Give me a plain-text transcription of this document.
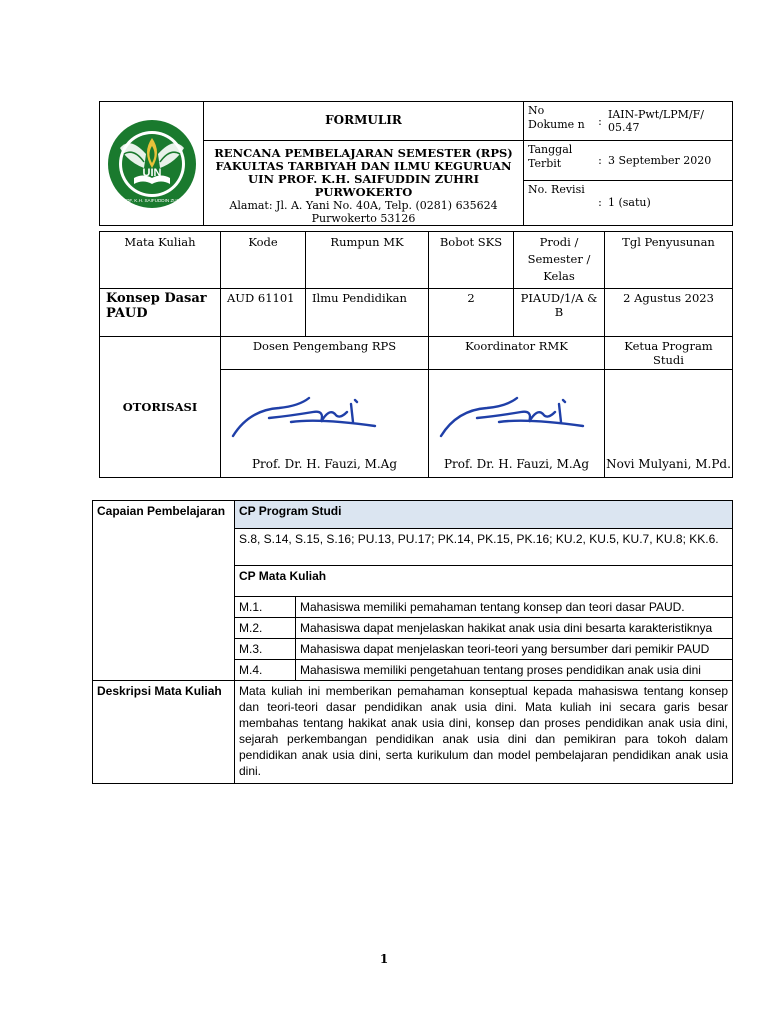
UIN
PROF. K.H. SAIFUDDIN ZUHRI	FORMULIR	No Dokume n	:	IAIN-Pwt/LPM/F/ 05.47

	RENCANA PEMBELAJARAN SEMESTER (RPS)
FAKULTAS TARBIYAH DAN ILMU KEGURUAN
UIN PROF. K.H. SAIFUDDIN ZUHRI PURWOKERTO
Alamat: Jl. A. Yani No. 40A, Telp. (0281) 635624
Purwokerto 53126	Tanggal Terbit	:	3 September 2020
		No. Revisi	:	1 (satu)
Mata Kuliah	Kode	Rumpun MK	Bobot SKS	Prodi / Semester / Kelas	Tgl Penyusunan
Konsep Dasar PAUD	AUD 61101	Ilmu Pendidikan	2	PIAUD/1/A & B	2 Agustus 2023
OTORISASI	Dosen Pengembang RPS		Koordinator RMK		Ketua Program Studi

	Prof. Dr. H. Fauzi, M.Ag		Prof. Dr. H. Fauzi, M.Ag		Novi Mulyani, M.Pd.
Capaian Pembelajaran	CP Program Studi	
	S.8, S.14, S.15, S.16; PU.13, PU.17; PK.14, PK.15, PK.16; KU.2, KU.5, KU.7, KU.8; KK.6.	
	CP Mata Kuliah	
	M.1.	Mahasiswa memiliki pemahaman tentang konsep dan teori dasar PAUD.
	M.2.	Mahasiswa dapat menjelaskan hakikat anak usia dini besarta karakteristiknya
	M.3.	Mahasiswa dapat menjelaskan teori-teori yang bersumber dari pemikir PAUD
	M.4.	Mahasiswa memiliki pengetahuan tentang proses pendidikan anak usia dini
Deskripsi Mata Kuliah	Mata kuliah ini memberikan pemahaman konseptual kepada mahasiswa tentang konsep dan teori-teori dasar pendidikan anak usia dini. Mata kuliah ini secara garis besar membahas tentang hakikat anak usia dini, konsep dan proses pendidikan anak usia dini, sejarah perkembangan pendidikan anak usia dini dan pemikiran para tokoh dalam pendidikan anak usia dini, serta kurikulum dan model pembelajaran pendidikan anak usia dini.	
1
